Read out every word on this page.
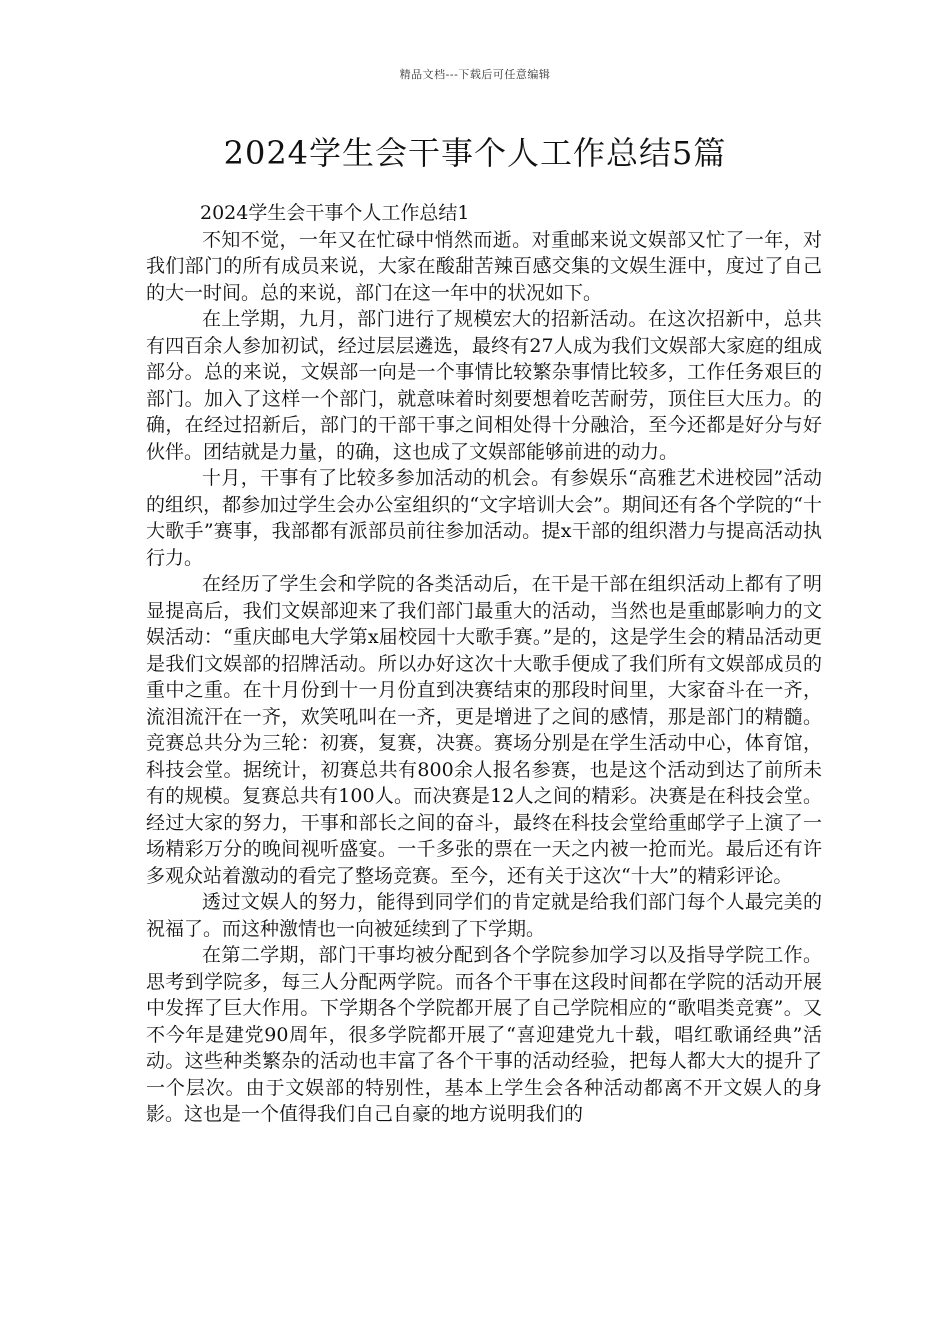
精品文档---下载后可任意编辑
2024学生会干事个人工作总结5篇

2024学生会干事个人工作总结1

不知不觉，一年又在忙碌中悄然而逝。对重邮来说文娱部又忙了一年，对我们部门的所有成员来说，大家在酸甜苦辣百感交集的文娱生涯中，度过了自己的大一时间。总的来说，部门在这一年中的状况如下。

在上学期，九月，部门进行了规模宏大的招新活动。在这次招新中，总共有四百余人参加初试，经过层层遴选，最终有27人成为我们文娱部大家庭的组成部分。总的来说，文娱部一向是一个事情比较繁杂事情比较多，工作任务艰巨的部门。加入了这样一个部门，就意味着时刻要想着吃苦耐劳，顶住巨大压力。的确，在经过招新后，部门的干部干事之间相处得十分融洽，至今还都是好分与好伙伴。团结就是力量，的确，这也成了文娱部能够前进的动力。

十月，干事有了比较多参加活动的机会。有参娱乐“高雅艺术进校园”活动的组织，都参加过学生会办公室组织的“文字培训大会”。期间还有各个学院的“十大歌手”赛事，我部都有派部员前往参加活动。提x干部的组织潜力与提高活动执行力。

在经历了学生会和学院的各类活动后，在干是干部在组织活动上都有了明显提高后，我们文娱部迎来了我们部门最重大的活动，当然也是重邮影响力的文娱活动：“重庆邮电大学第x届校园十大歌手赛。”是的，这是学生会的精品活动更是我们文娱部的招牌活动。所以办好这次十大歌手便成了我们所有文娱部成员的重中之重。在十月份到十一月份直到决赛结束的那段时间里，大家奋斗在一齐，流泪流汗在一齐，欢笑吼叫在一齐，更是增进了之间的感情，那是部门的精髓。竞赛总共分为三轮：初赛，复赛，决赛。赛场分别是在学生活动中心，体育馆，科技会堂。据统计，初赛总共有800余人报名参赛，也是这个活动到达了前所未有的规模。复赛总共有100人。而决赛是12人之间的精彩。决赛是在科技会堂。经过大家的努力，干事和部长之间的奋斗，最终在科技会堂给重邮学子上演了一场精彩万分的晚间视听盛宴。一千多张的票在一天之内被一抢而光。最后还有许多观众站着激动的看完了整场竞赛。至今，还有关于这次“十大”的精彩评论。

透过文娱人的努力，能得到同学们的肯定就是给我们部门每个人最完美的祝福了。而这种激情也一向被延续到了下学期。

在第二学期，部门干事均被分配到各个学院参加学习以及指导学院工作。思考到学院多，每三人分配两学院。而各个干事在这段时间都在学院的活动开展中发挥了巨大作用。下学期各个学院都开展了自己学院相应的“歌唱类竞赛”。又不今年是建党90周年，很多学院都开展了“喜迎建党九十载，唱红歌诵经典”活动。这些种类繁杂的活动也丰富了各个干事的活动经验，把每人都大大的提升了一个层次。由于文娱部的特别性，基本上学生会各种活动都离不开文娱人的身影。这也是一个值得我们自己自豪的地方说明我们的
